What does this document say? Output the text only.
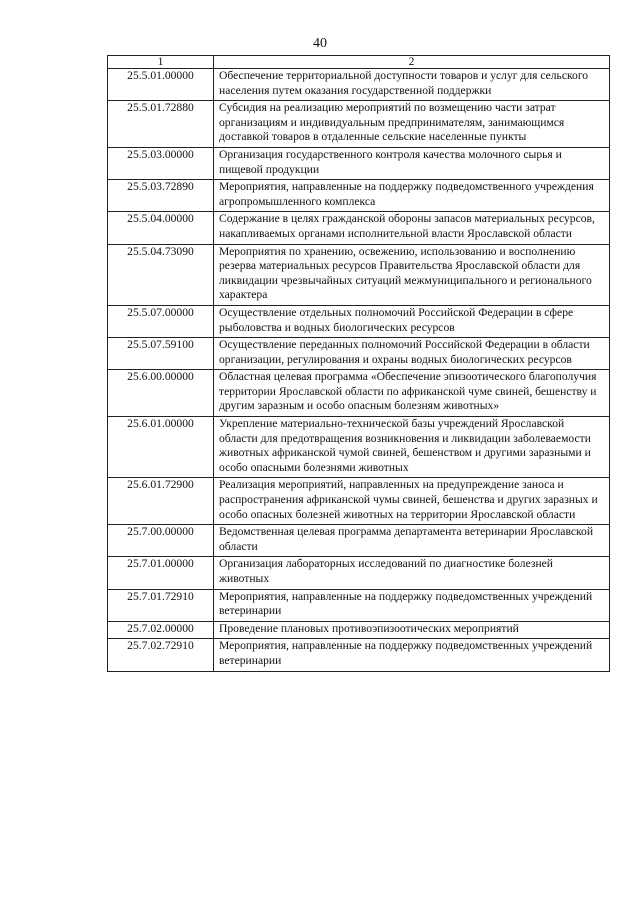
40
1	2
25.5.01.00000	Обеспечение территориальной доступности товаров и услуг для сельского населения путем оказания государственной поддержки
25.5.01.72880	Субсидия на реализацию мероприятий по возмещению части затрат организациям и индивидуальным предпринимателям, занимающимся доставкой товаров в отдаленные сельские населенные пункты
25.5.03.00000	Организация государственного контроля качества молочного сырья и пищевой продукции
25.5.03.72890	Мероприятия, направленные на поддержку подведомственного учреждения агропромышленного комплекса
25.5.04.00000	Содержание в целях гражданской обороны запасов материальных ресурсов, накапливаемых органами исполнительной власти Ярославской области
25.5.04.73090	Мероприятия по хранению, освежению, использованию и восполнению резерва материальных ресурсов Правительства Ярославской области для ликвидации чрезвычайных ситуаций межмуниципального и регионального характера
25.5.07.00000	Осуществление отдельных полномочий Российской Федерации в сфере рыболовства и водных биологических ресурсов
25.5.07.59100	Осуществление переданных полномочий Российской Федерации в области организации, регулирования и охраны водных биологических ресурсов
25.6.00.00000	Областная целевая программа «Обеспечение эпизоотического благополучия территории Ярославской области по африканской чуме свиней, бешенству и другим заразным и особо опасным болезням животных»
25.6.01.00000	Укрепление материально-технической базы учреждений Ярославской области для предотвращения возникновения и ликвидации заболеваемости животных африканской чумой свиней, бешенством и другими заразными и особо опасными болезнями животных
25.6.01.72900	Реализация мероприятий, направленных на предупреждение заноса и распространения африканской чумы свиней, бешенства и других заразных и особо опасных болезней животных на территории Ярославской области
25.7.00.00000	Ведомственная целевая программа департамента ветеринарии Ярославской области
25.7.01.00000	Организация лабораторных исследований по диагностике болезней животных
25.7.01.72910	Мероприятия, направленные на поддержку подведомственных учреждений ветеринарии
25.7.02.00000	Проведение плановых противоэпизоотических мероприятий
25.7.02.72910	Мероприятия, направленные на поддержку подведомственных учреждений ветеринарии
